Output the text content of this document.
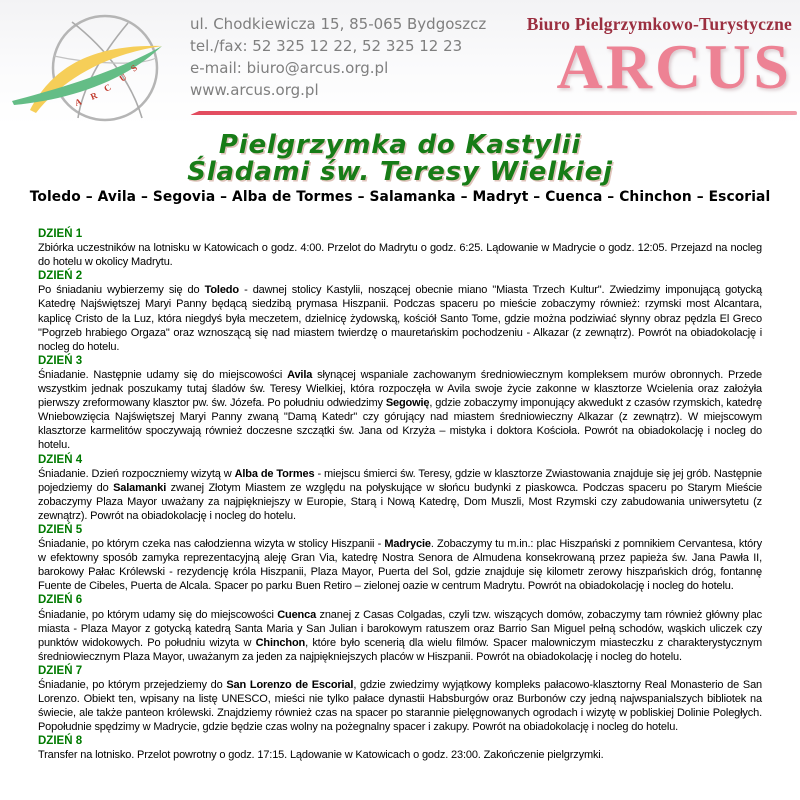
A
R
C
U
S
ul. Chodkiewicza 15, 85-065 Bydgoszcz
tel./fax: 52 325 12 22, 52 325 12 23
e-mail: biuro@arcus.org.pl
www.arcus.org.pl
Biuro Pielgrzymkowo-Turystyczne
ARCUS
Pielgrzymka do Kastylii
Śladami św. Teresy Wielkiej
Toledo – Avila – Segovia – Alba de Tormes – Salamanka – Madryt – Cuenca – Chinchon – Escorial
DZIEŃ 1

Zbiórka uczestników na lotnisku w Katowicach o godz. 4:00. Przelot do Madrytu o godz. 6:25. Lądowanie w Madrycie o godz. 12:05. Przejazd na nocleg do hotelu w okolicy Madrytu.

DZIEŃ 2

Po śniadaniu wybierzemy się do Toledo - dawnej stolicy Kastylii, noszącej obecnie miano "Miasta Trzech Kultur". Zwiedzimy imponującą gotycką Katedrę Najświętszej Maryi Panny będącą siedzibą prymasa Hiszpanii. Podczas spaceru po mieście zobaczymy również: rzymski most Alcantara, kaplicę Cristo de la Luz, która niegdyś była meczetem, dzielnicę żydowską, kościół Santo Tome, gdzie można podziwiać słynny obraz pędzla El Greco "Pogrzeb hrabiego Orgaza" oraz wznoszącą się nad miastem twierdzę o mauretańskim pochodzeniu - Alkazar (z zewnątrz). Powrót na obiadokolację i nocleg do hotelu.

DZIEŃ 3

Śniadanie. Następnie udamy się do miejscowości Avila słynącej wspaniale zachowanym średniowiecznym kompleksem murów obronnych. Przede wszystkim jednak poszukamy tutaj śladów św. Teresy Wielkiej, która rozpoczęła w Avila swoje życie zakonne w klasztorze Wcielenia oraz założyła pierwszy zreformowany klasztor pw. św. Józefa. Po południu odwiedzimy Segowię, gdzie zobaczymy imponujący akwedukt z czasów rzymskich, katedrę Wniebowzięcia Najświętszej Maryi Panny zwaną "Damą Katedr" czy górujący nad miastem średniowieczny Alkazar (z zewnątrz). W miejscowym klasztorze karmelitów spoczywają również doczesne szczątki św. Jana od Krzyża – mistyka i doktora Kościoła. Powrót na obiadokolację i nocleg do hotelu.

DZIEŃ 4

Śniadanie. Dzień rozpoczniemy wizytą w Alba de Tormes - miejscu śmierci św. Teresy, gdzie w klasztorze Zwiastowania znajduje się jej grób. Następnie pojedziemy do Salamanki zwanej Złotym Miastem ze względu na połyskujące w słońcu budynki z piaskowca. Podczas spaceru po Starym Mieście zobaczymy Plaza Mayor uważany za najpiękniejszy w Europie, Starą i Nową Katedrę, Dom Muszli, Most Rzymski czy zabudowania uniwersytetu (z zewnątrz). Powrót na obiadokolację i nocleg do hotelu.

DZIEŃ 5

Śniadanie, po którym czeka nas całodzienna wizyta w stolicy Hiszpanii - Madrycie. Zobaczymy tu m.in.: plac Hiszpański z pomnikiem Cervantesa, który w efektowny sposób zamyka reprezentacyjną aleję Gran Via, katedrę Nostra Senora de Almudena konsekrowaną przez papieża św. Jana Pawła II, barokowy Pałac Królewski - rezydencję króla Hiszpanii, Plaza Mayor, Puerta del Sol, gdzie znajduje się kilometr zerowy hiszpańskich dróg, fontannę Fuente de Cibeles, Puerta de Alcala. Spacer po parku Buen Retiro – zielonej oazie w centrum Madrytu. Powrót na obiadokolację i nocleg do hotelu.

DZIEŃ 6

Śniadanie, po którym udamy się do miejscowości Cuenca znanej z Casas Colgadas, czyli tzw. wiszących domów, zobaczymy tam również główny plac miasta - Plaza Mayor z gotycką katedrą Santa Maria y San Julian i barokowym ratuszem oraz Barrio San Miguel pełną schodów, wąskich uliczek czy punktów widokowych. Po południu wizyta w Chinchon, które było scenerią dla wielu filmów. Spacer malowniczym miasteczku z charakterystycznym średniowiecznym Plaza Mayor, uważanym za jeden za najpiękniejszych placów w Hiszpanii. Powrót na obiadokolację i nocleg do hotelu.

DZIEŃ 7

Śniadanie, po którym przejedziemy do San Lorenzo de Escorial, gdzie zwiedzimy wyjątkowy kompleks pałacowo-klasztorny Real Monasterio de San Lorenzo. Obiekt ten, wpisany na listę UNESCO, mieści nie tylko pałace dynastii Habsburgów oraz Burbonów czy jedną najwspanialszych bibliotek na świecie, ale także panteon królewski. Znajdziemy również czas na spacer po starannie pielęgnowanych ogrodach i wizytę w pobliskiej Dolinie Poległych. Popołudnie spędzimy w Madrycie, gdzie będzie czas wolny na pożegnalny spacer i zakupy. Powrót na obiadokolację i nocleg do hotelu.

DZIEŃ 8

Transfer na lotnisko. Przelot powrotny o godz. 17:15. Lądowanie w Katowicach o godz. 23:00. Zakończenie pielgrzymki.
